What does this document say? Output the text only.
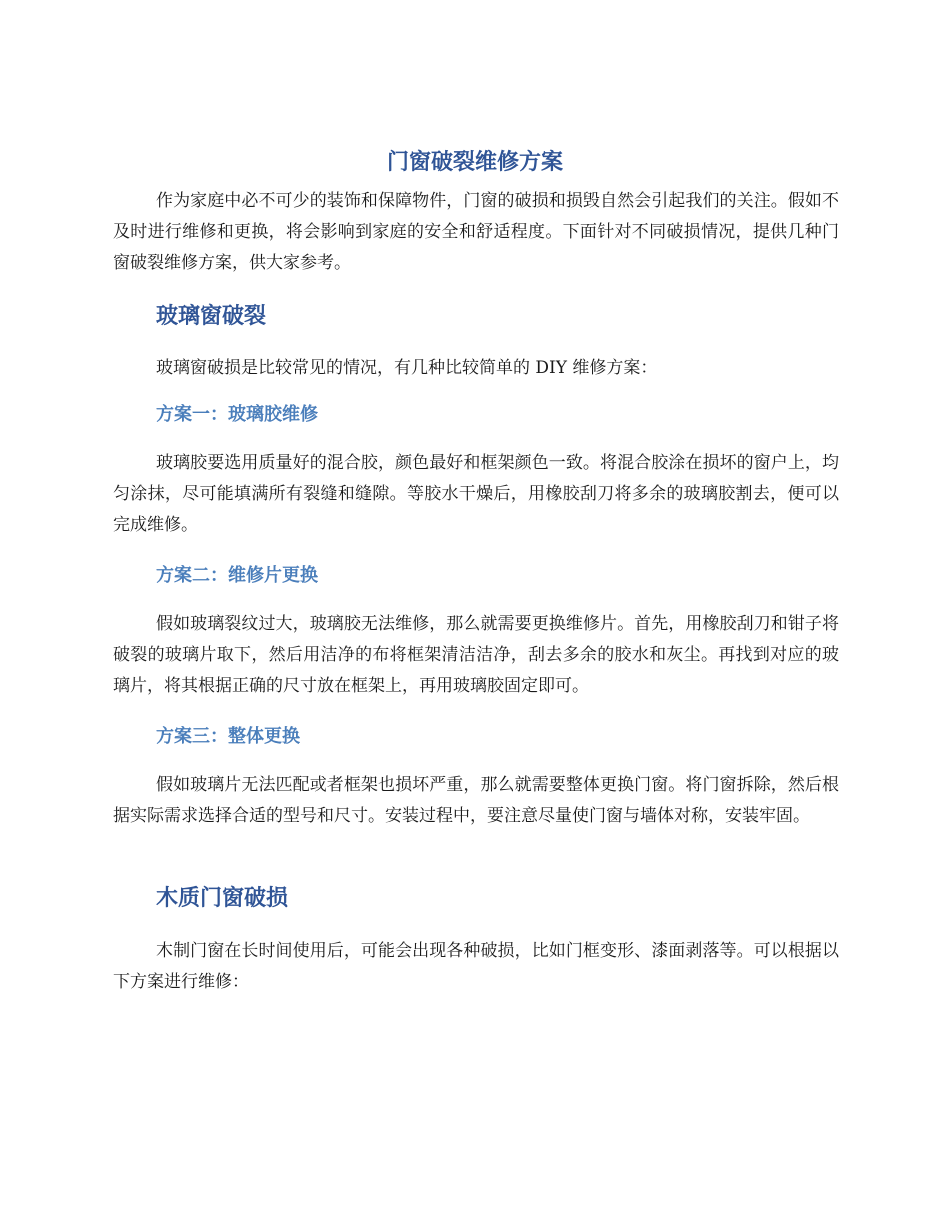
门窗破裂维修方案

作为家庭中必不可少的装饰和保障物件，门窗的破损和损毁自然会引起我们的关注。假如不及时进行维修和更换，将会影响到家庭的安全和舒适程度。下面针对不同破损情况，提供几种门窗破裂维修方案，供大家参考。

玻璃窗破裂

玻璃窗破损是比较常见的情况，有几种比较简单的 DIY 维修方案：

方案一：玻璃胶维修

玻璃胶要选用质量好的混合胶，颜色最好和框架颜色一致。将混合胶涂在损坏的窗户上，均匀涂抹，尽可能填满所有裂缝和缝隙。等胶水干燥后，用橡胶刮刀将多余的玻璃胶割去，便可以完成维修。

方案二：维修片更换

假如玻璃裂纹过大，玻璃胶无法维修，那么就需要更换维修片。首先，用橡胶刮刀和钳子将破裂的玻璃片取下，然后用洁净的布将框架清洁洁净，刮去多余的胶水和灰尘。再找到对应的玻璃片，将其根据正确的尺寸放在框架上，再用玻璃胶固定即可。

方案三：整体更换

假如玻璃片无法匹配或者框架也损坏严重，那么就需要整体更换门窗。将门窗拆除，然后根据实际需求选择合适的型号和尺寸。安装过程中，要注意尽量使门窗与墙体对称，安装牢固。

木质门窗破损

木制门窗在长时间使用后，可能会出现各种破损，比如门框变形、漆面剥落等。可以根据以下方案进行维修：
